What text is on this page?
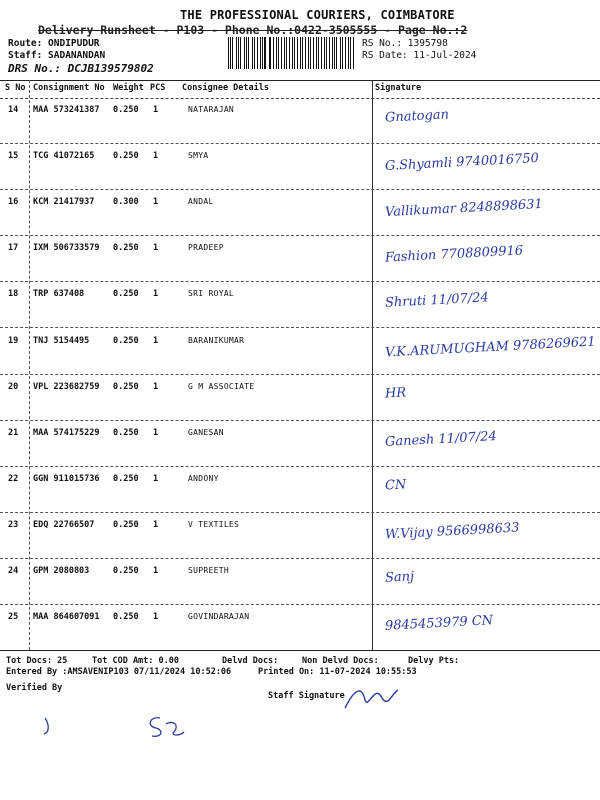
THE PROFESSIONAL COURIERS, COIMBATORE
Delivery Runsheet - P103 - Phone No.:0422-3505555 - Page No.:2
Route: ONDIPUDUR
Staff: SADANANDAN
DRS No.: DCJB139579802
RS No.: 1395798
RS Date: 11-Jul-2024
S No Consignment No Weight PCS Consignee Details	Signature
14 MAA 573241387 0.250 1	NATARAJAN	Gnatogan
15 TCG 41072165 0.250 1	SMYA	G.Shyamli 9740016750
16 KCM 21417937 0.300 1	ANDAL	Vallikumar 8248898631
17 IXM 506733579 0.250 1	PRADEEP	Fashion 7708809916
18 TRP 637408	0.250 1	SRI ROYAL	Shruti 11/07/24
19 TNJ 5154495	0.250 1	BARANIKUMAR	V.K.ARUMUGHAM 9786269621
20 VPL 223682759 0.250 1	G M ASSOCIATE	HR
21 MAA 574175229 0.250 1	GANESAN	Ganesh 11/07/24
22 GGN 911015736 0.250 1	ANDONY	CN
23 EDQ 22766507 0.250 1	V TEXTILES	W.Vijay 9566998633
24 GPM 2080803	0.250 1	SUPREETH	Sanj
25 MAA 864607091 0.250 1	GOVINDARAJAN	9845453979 CN
Tot Docs: 25	Tot COD Amt: 0.00	Delvd Docs:	Non Delvd Docs:	Delvy Pts:
Entered By :AMSAVENIP103 07/11/2024 10:52:06	Printed On: 11-07-2024 10:55:53
Verified By
Staff Signature
